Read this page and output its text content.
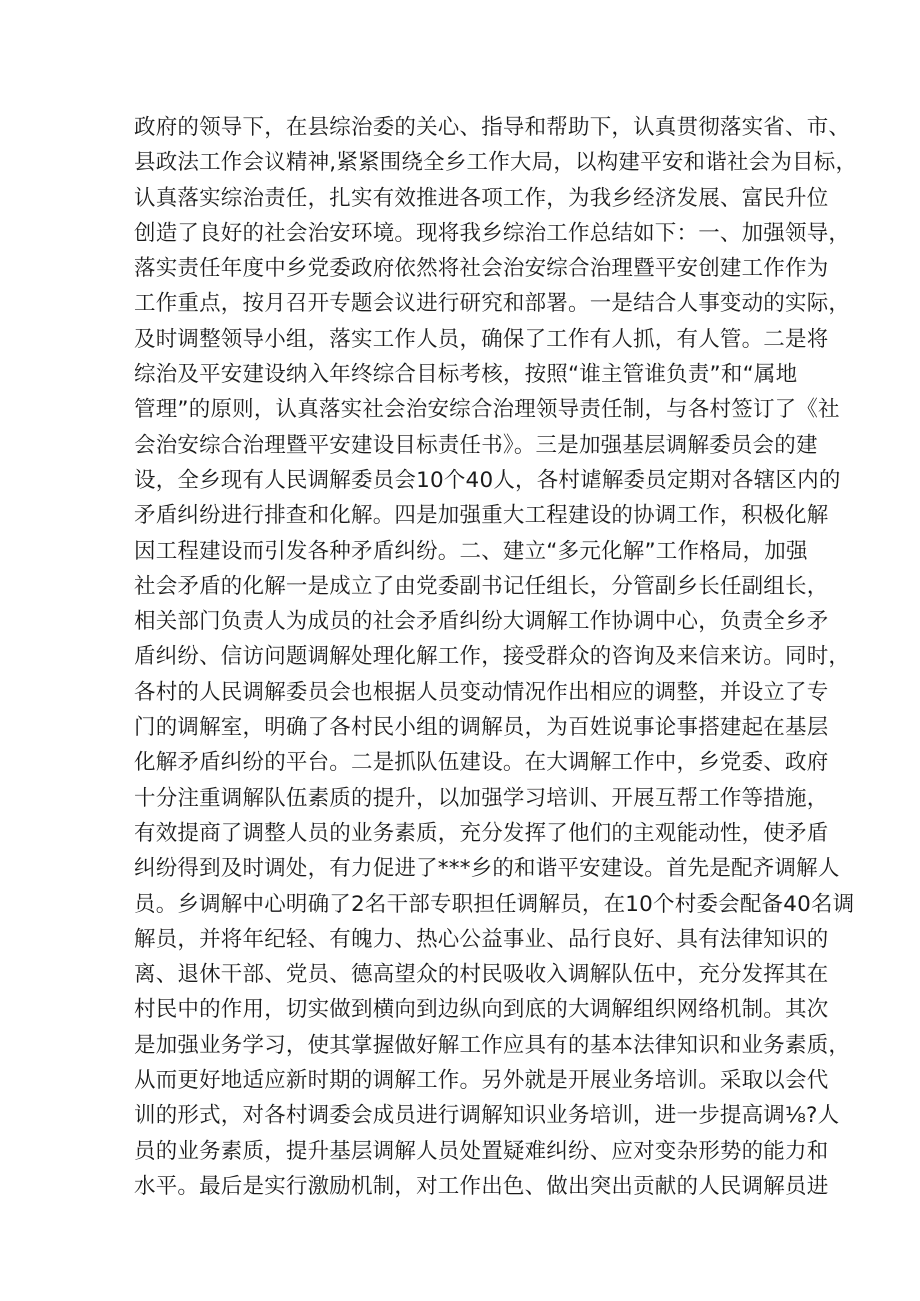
政府的领导下，在县综治委的关心、指导和帮助下，认真贯彻落实省、市、
县政法工作会议精神,紧紧围绕全乡工作大局，以构建平安和谐社会为目标，
认真落实综治责任，扎实有效推进各项工作，为我乡经济发展、富民升位
创造了良好的社会治安环境。现将我乡综治工作总结如下：一、加强领导，
落实责任年度中乡党委政府依然将社会治安综合治理暨平安创建工作作为
工作重点，按月召开专题会议进行研究和部署。一是结合人事变动的实际，
及时调整领导小组，落实工作人员，确保了工作有人抓，有人管。二是将
综治及平安建设纳入年终综合目标考核，按照“谁主管谁负责”和“属地
管理”的原则，认真落实社会治安综合治理领导责任制，与各村签订了《社
会治安综合治理暨平安建设目标责任书》。三是加强基层调解委员会的建
设，全乡现有人民调解委员会10个40人，各村谑解委员定期对各辖区内的
矛盾纠纷进行排查和化解。四是加强重大工程建设的协调工作，积极化解
因工程建设而引发各种矛盾纠纷。二、建立“多元化解”工作格局，加强
社会矛盾的化解一是成立了由党委副书记任组长，分管副乡长任副组长，
相关部门负责人为成员的社会矛盾纠纷大调解工作协调中心，负责全乡矛
盾纠纷、信访问题调解处理化解工作，接受群众的咨询及来信来访。同时，
各村的人民调解委员会也根据人员变动情况作出相应的调整，并设立了专
门的调解室，明确了各村民小组的调解员，为百姓说事论事搭建起在基层
化解矛盾纠纷的平台。二是抓队伍建设。在大调解工作中，乡党委、政府
十分注重调解队伍素质的提升，以加强学习培训、开展互帮工作等措施，
有效提商了调整人员的业务素质，充分发挥了他们的主观能动性，使矛盾
纠纷得到及时调处，有力促进了***乡的和谐平安建设。首先是配齐调解人
员。乡调解中心明确了2名干部专职担任调解员，在10个村委会配备40名调
解员，并将年纪轻、有魄力、热心公益事业、品行良好、具有法律知识的
离、退休干部、党员、德高望众的村民吸收入调解队伍中，充分发挥其在
村民中的作用，切实做到横向到边纵向到底的大调解组织网络机制。其次
是加强业务学习，使其掌握做好解工作应具有的基本法律知识和业务素质，
从而更好地适应新时期的调解工作。另外就是开展业务培训。采取以会代
训的形式，对各村调委会成员进行调解知识业务培训，进一步提高调⅛?人
员的业务素质，提升基层调解人员处置疑难纠纷、应对变杂形势的能力和
水平。最后是实行激励机制，对工作出色、做出突出贡献的人民调解员进
